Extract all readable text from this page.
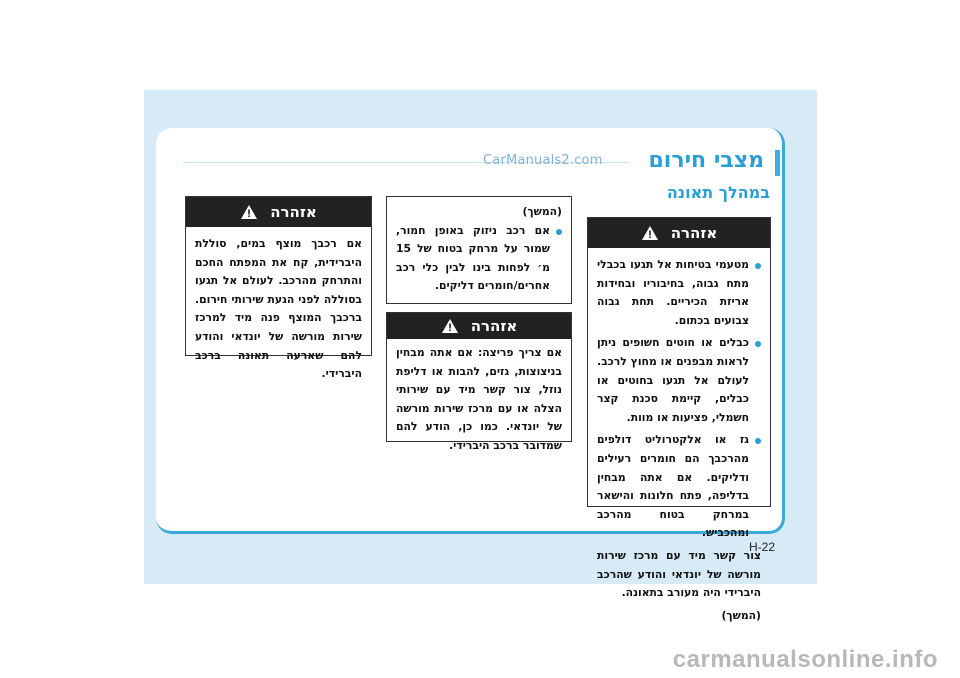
CarManuals2.com מצבי חירום
במהלך תאונה
אזהרה
מטעמי בטיחות אל תגעו בכבלי מתח גבוה, בחיבוריו ובחידות אריזת הכיריים. תחת גבוה צבועים בכתום.
כבלים או חוטים חשופים ניתן לראות מבפנים או מחוץ לרכב. לעולם אל תגעו בחוטים או כבלים, קיימת סכנת קצר חשמלי, פציעות או מוות.
גז או אלקטרוליט דולפים מהרכבך הם חומרים רעילים ודליקים. אם אתה מבחין בדליפה, פתח חלונות והישאר במרחק בטוח מהרכב ומהכביש.
צור קשר מיד עם מרכז שירות מורשה של יונדאי והודע שהרכב היברידי היה מעורב בתאונה.
(המשך)
(המשך)
אם רכב ניזוק באופן חמור, שמור על מרחק בטוח של 15 מ׳ לפחות בינו לבין כלי רכב אחרים/חומרים דליקים.
אזהרה
אם צריך פריצה: אם אתה מבחין בניצוצות, גזים, להבות או דליפת נוזל, צור קשר מיד עם שירותי הצלה או עם מרכז שירות מורשה של יונדאי. כמו כן, הודע להם שמדובר ברכב היברידי.
אזהרה
אם רכבך מוצף במים, סוללת היברידית, קח את המפתח החכם והתרחק מהרכב. לעולם אל תגעו בסוללה לפני הגעת שירותי חירום. ברכבך המוצף פנה מיד למרכז שירות מורשה של יונדאי והודע להם שארעה תאונה ברכב היברידי.
H-22
carmanualsonline.info
